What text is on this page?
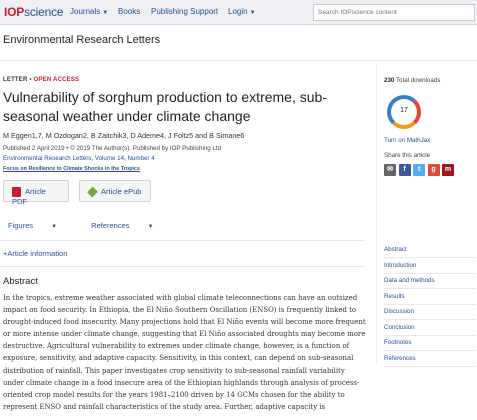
IOPscience Journals ▼ Books Publishing Support Login ▼
Search IOPscience content
Environmental Research Letters
LETTER • OPEN ACCESS
Vulnerability of sorghum production to extreme, sub-seasonal weather under climate change
M Eggen1,7, M Ozdogan2, B Zaitchik3, D Ademe4, J Foltz5 and B Simane6
Published 2 April 2019 • © 2019 The Author(s). Published by IOP Publishing Ltd
Environmental Research Letters, Volume 14, Number 4
Focus on Resilience to Climate Shocks in the Tropics
Article PDF
Article ePub
Figures	▼	References	▼
+Article information
Abstract

In the tropics, extreme weather associated with global climate teleconnections can have an outsized impact on food security. In Ethiopia, the El Niño Southern Oscillation (ENSO) is frequently linked to drought-induced food insecurity. Many projections hold that El Niño events will become more frequent or more intense under climate change, suggesting that El Niño associated droughts may become more destructive. Agricultural vulnerability to extremes under climate change, however, is a function of exposure, sensitivity, and adaptive capacity. Sensitivity, in this context, can depend on sub-seasonal distribution of rainfall. This paper investigates crop sensitivity to sub-seasonal rainfall variability under climate change in a food insecure area of the Ethiopian highlands through analysis of process-oriented crop model results for the years 1981–2100 driven by 14 GCMs chosen for the ability to represent ENSO and rainfall characteristics of the study area. Further, adaptive capacity is

230 Total downloads
17
Turn on MathJax
Share this article
✉	f	t	g	m
Abstract
Introduction
Data and methods
Results
Discussion
Conclusion
Footnotes
References
